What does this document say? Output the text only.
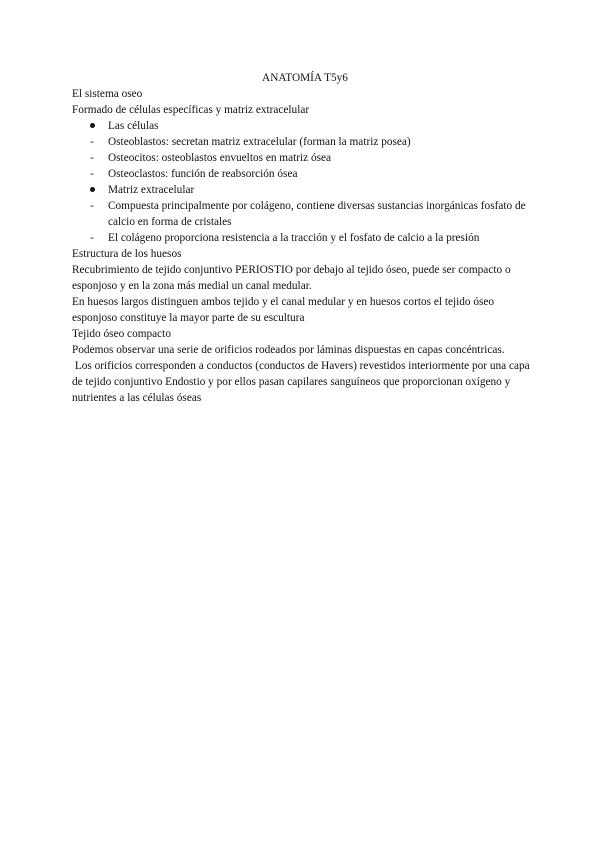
ANATOMÍA T5y6

El sistema oseo

Formado de células específicas y matriz extracelular

Las células
-	Osteoblastos: secretan matriz extracelular (forman la matriz posea)
-	Osteocitos: osteoblastos envueltos en matriz ósea
-	Osteoclastos: función de reabsorción ósea
Matriz extracelular
-	Compuesta principalmente por colágeno, contiene diversas sustancias inorgánicas fosfato de calcio en forma de cristales
-	El colágeno proporciona resistencia a la tracción y el fosfato de calcio a la presión

Estructura de los huesos

Recubrimiento de tejido conjuntivo PERIOSTIO por debajo al tejido óseo, puede ser compacto o esponjoso y en la zona más medial un canal medular.

En huesos largos distinguen ambos tejido y el canal medular y en huesos cortos el tejido óseo esponjoso constituye la mayor parte de su escultura

Tejido óseo compacto

Podemos observar una serie de orificios rodeados por láminas dispuestas en capas concéntricas.

Los orificios corresponden a conductos (conductos de Havers) revestidos interiormente por una capa de tejido conjuntivo Endostio y por ellos pasan capilares sanguíneos que proporcionan oxígeno y nutrientes a las células óseas
